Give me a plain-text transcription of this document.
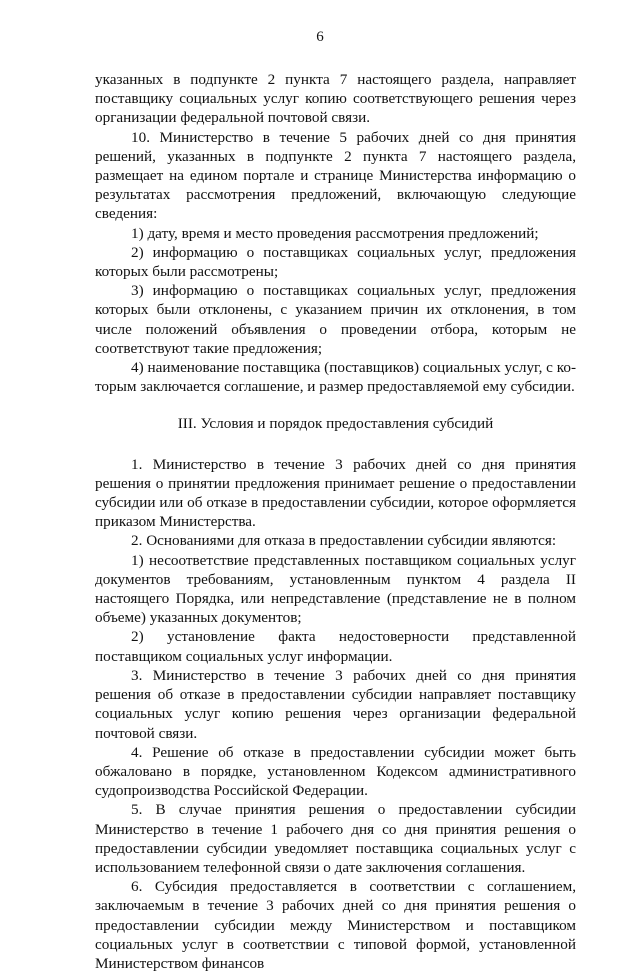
6

указанных в подпункте 2 пункта 7 настоящего раздела, направляет поставщику социальных услуг копию соответствующего решения через организации федеральной почтовой связи.

10. Министерство в течение 5 рабочих дней со дня принятия решений, указанных в подпункте 2 пункта 7 настоящего раздела, размещает на едином портале и странице Министерства информацию о результатах рассмотрения предложений, включающую следующие сведения:

1) дату, время и место проведения рассмотрения предложений;

2) информацию о поставщиках социальных услуг, предложения которых были рассмотрены;

3) информацию о поставщиках социальных услуг, предложения которых были отклонены, с указанием причин их отклонения, в том числе положений объявления о проведении отбора, которым не соответствуют такие предложения;

4) наименование поставщика (поставщиков) социальных услуг, с которым заключается соглашение, и размер предоставляемой ему субсидии.

III. Условия и порядок предоставления субсидий

1. Министерство в течение 3 рабочих дней со дня принятия решения о принятии предложения принимает решение о предоставлении субсидии или об отказе в предоставлении субсидии, которое оформляется приказом Министерства.

2. Основаниями для отказа в предоставлении субсидии являются:

1) несоответствие представленных поставщиком социальных услуг документов требованиям, установленным пунктом 4 раздела II настоящего Порядка, или непредставление (представление не в полном объеме) указанных документов;

2) установление факта недостоверности представленной поставщиком социальных услуг информации.

3. Министерство в течение 3 рабочих дней со дня принятия решения об отказе в предоставлении субсидии направляет поставщику социальных услуг копию решения через организации федеральной почтовой связи.

4. Решение об отказе в предоставлении субсидии может быть обжаловано в порядке, установленном Кодексом административного судопроизводства Российской Федерации.

5. В случае принятия решения о предоставлении субсидии Министерство в течение 1 рабочего дня со дня принятия решения о предоставлении субсидии уведомляет поставщика социальных услуг с использованием телефонной связи о дате заключения соглашения.

6. Субсидия предоставляется в соответствии с соглашением, заключаемым в течение 3 рабочих дней со дня принятия решения о предоставлении субсидии между Министерством и поставщиком социальных услуг в соответствии с типовой формой, установленной Министерством финансов
